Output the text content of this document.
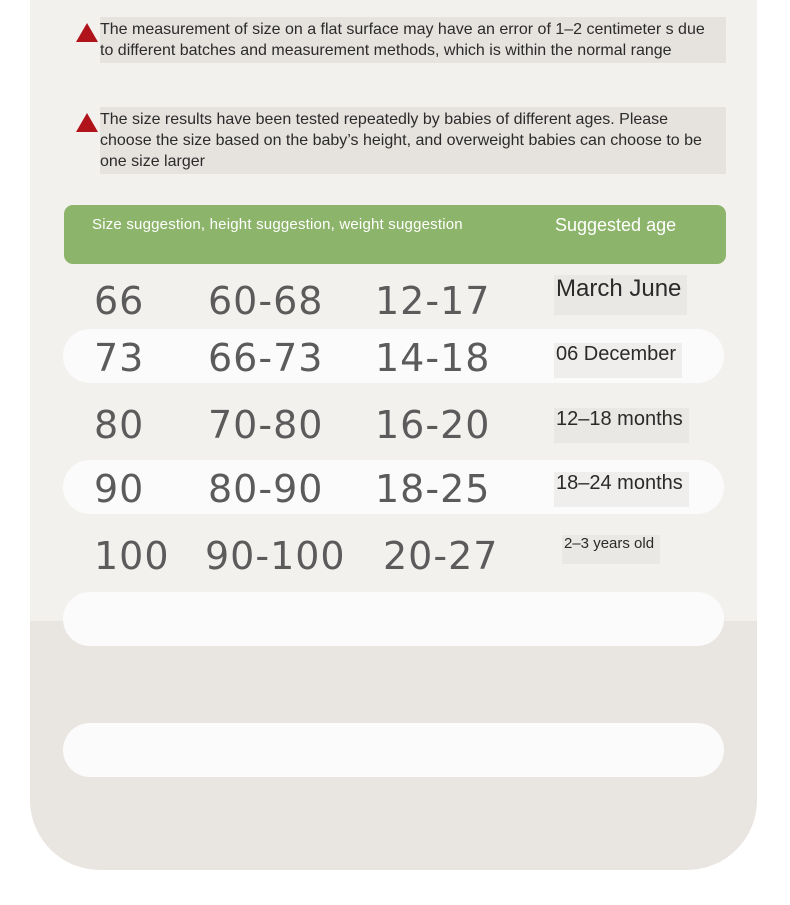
The measurement of size on a flat surface may have an error of 1–2 centimeter s due to different batches and measurement methods, which is within the normal range
The size results have been tested repeatedly by babies of different ages. Please choose the size based on the baby’s height, and overweight babies can choose to be one size larger
Size suggestion, height suggestion, weight suggestion	Suggested age
66 60-68 12-17	March June
73 66-73 14-18	06 December
80 70-80 16-20	12–18 months
90 80-90 18-25	18–24 months
100 90-100 20-27	2–3 years old
